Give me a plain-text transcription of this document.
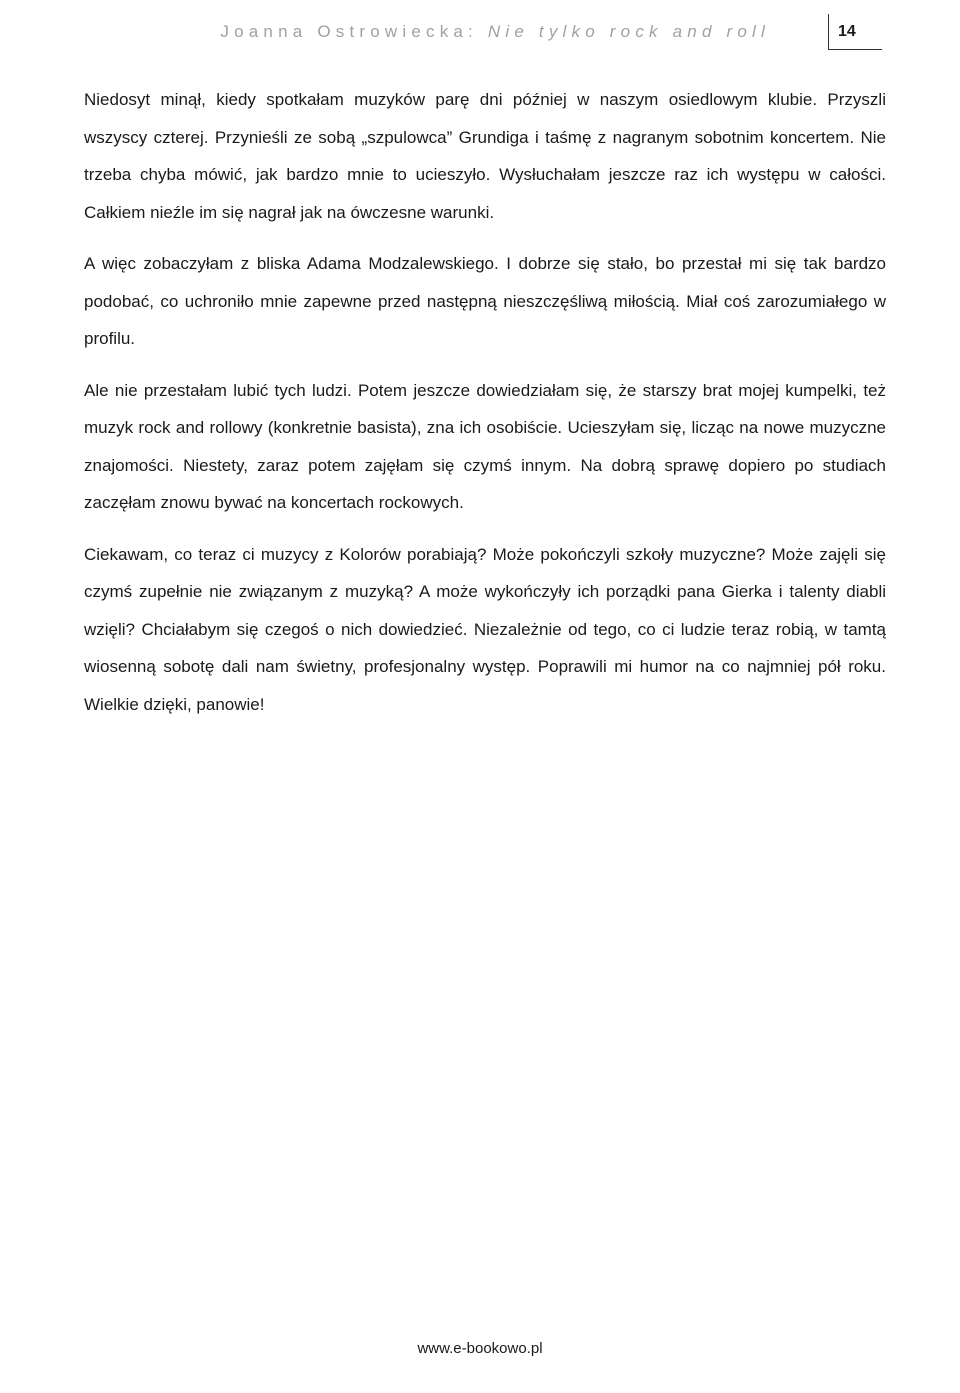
Joanna Ostrowiecka: Nie tylko rock and roll	14

Niedosyt minął, kiedy spotkałam muzyków parę dni później w naszym osiedlowym klubie. Przyszli wszyscy czterej. Przynieśli ze sobą „szpulowca” Grundiga i taśmę z nagranym sobotnim koncertem. Nie trzeba chyba mówić, jak bardzo mnie to ucieszyło. Wysłuchałam jeszcze raz ich występu w całości. Całkiem nieźle im się nagrał jak na ówczesne warunki.

A więc zobaczyłam z bliska Adama Modzalewskiego. I dobrze się stało, bo przestał mi się tak bardzo podobać, co uchroniło mnie zapewne przed następną nieszczęśliwą miłością. Miał coś zarozumiałego w profilu.

Ale nie przestałam lubić tych ludzi. Potem jeszcze dowiedziałam się, że starszy brat mojej kumpelki, też muzyk rock and rollowy (konkretnie basista), zna ich osobiście. Ucieszyłam się, licząc na nowe muzyczne znajomości. Niestety, zaraz potem zajęłam się czymś innym. Na dobrą sprawę dopiero po studiach zaczęłam znowu bywać na koncertach rockowych.

Ciekawam, co teraz ci muzycy z Kolorów porabiają? Może pokończyli szkoły muzyczne? Może zajęli się czymś zupełnie nie związanym z muzyką? A może wykończyły ich porządki pana Gierka i talenty diabli wzięli? Chciałabym się czegoś o nich dowiedzieć. Niezależnie od tego, co ci ludzie teraz robią, w tamtą wiosenną sobotę dali nam świetny, profesjonalny występ. Poprawili mi humor na co najmniej pół roku. Wielkie dzięki, panowie!

www.e-bookowo.pl
